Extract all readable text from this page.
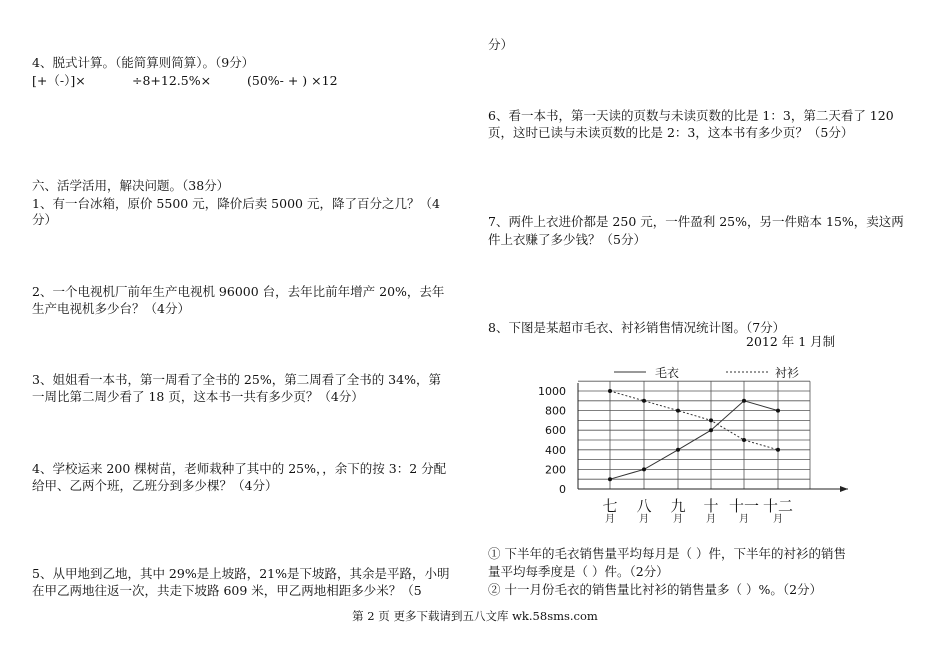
4、脱式计算。（能简算则简算）。（9分）
[+（-）]×	÷8+12.5%×	(50%- + ) ×12
六、活学活用，解决问题。（38分）
1、有一台冰箱，原价 5500 元，降价后卖 5000 元，降了百分之几？（4
分）
2、一个电视机厂前年生产电视机 96000 台，去年比前年增产 20%，去年
生产电视机多少台？（4分）
3、姐姐看一本书，第一周看了全书的 25%，第二周看了全书的 34%，第
一周比第二周少看了 18 页，这本书一共有多少页？（4分）
4、学校运来 200 棵树苗，老师栽种了其中的 25%，，余下的按 3：2 分配
给甲、乙两个班，乙班分到多少棵？（4分）
5、从甲地到乙地，其中 29%是上坡路，21%是下坡路，其余是平路，小明
在甲乙两地往返一次，共走下坡路 609 米，甲乙两地相距多少米？（5
分）
6、看一本书，第一天读的页数与未读页数的比是 1：3，第二天看了 120
页，这时已读与未读页数的比是 2：3，这本书有多少页？（5分）
7、两件上衣进价都是 250 元，一件盈利 25%，另一件赔本 15%，卖这两
件上衣赚了多少钱？（5分）
8、下图是某超市毛衣、衬衫销售情况统计图。（7分）
2012 年 1 月制
① 下半年的毛衣销售量平均每月是（ ）件，下半年的衬衫的销售
量平均每季度是（ ）件。（2分）
② 十一月份毛衣的销售量比衬衫的销售量多（ ）%。（2分）
0
200
400
600
800
1000
七
月
八
月
九
月
十
月
十一
月
十二
月
毛衣	衬衫
第 2 页 更多下载请到五八文库 wk.58sms.com
